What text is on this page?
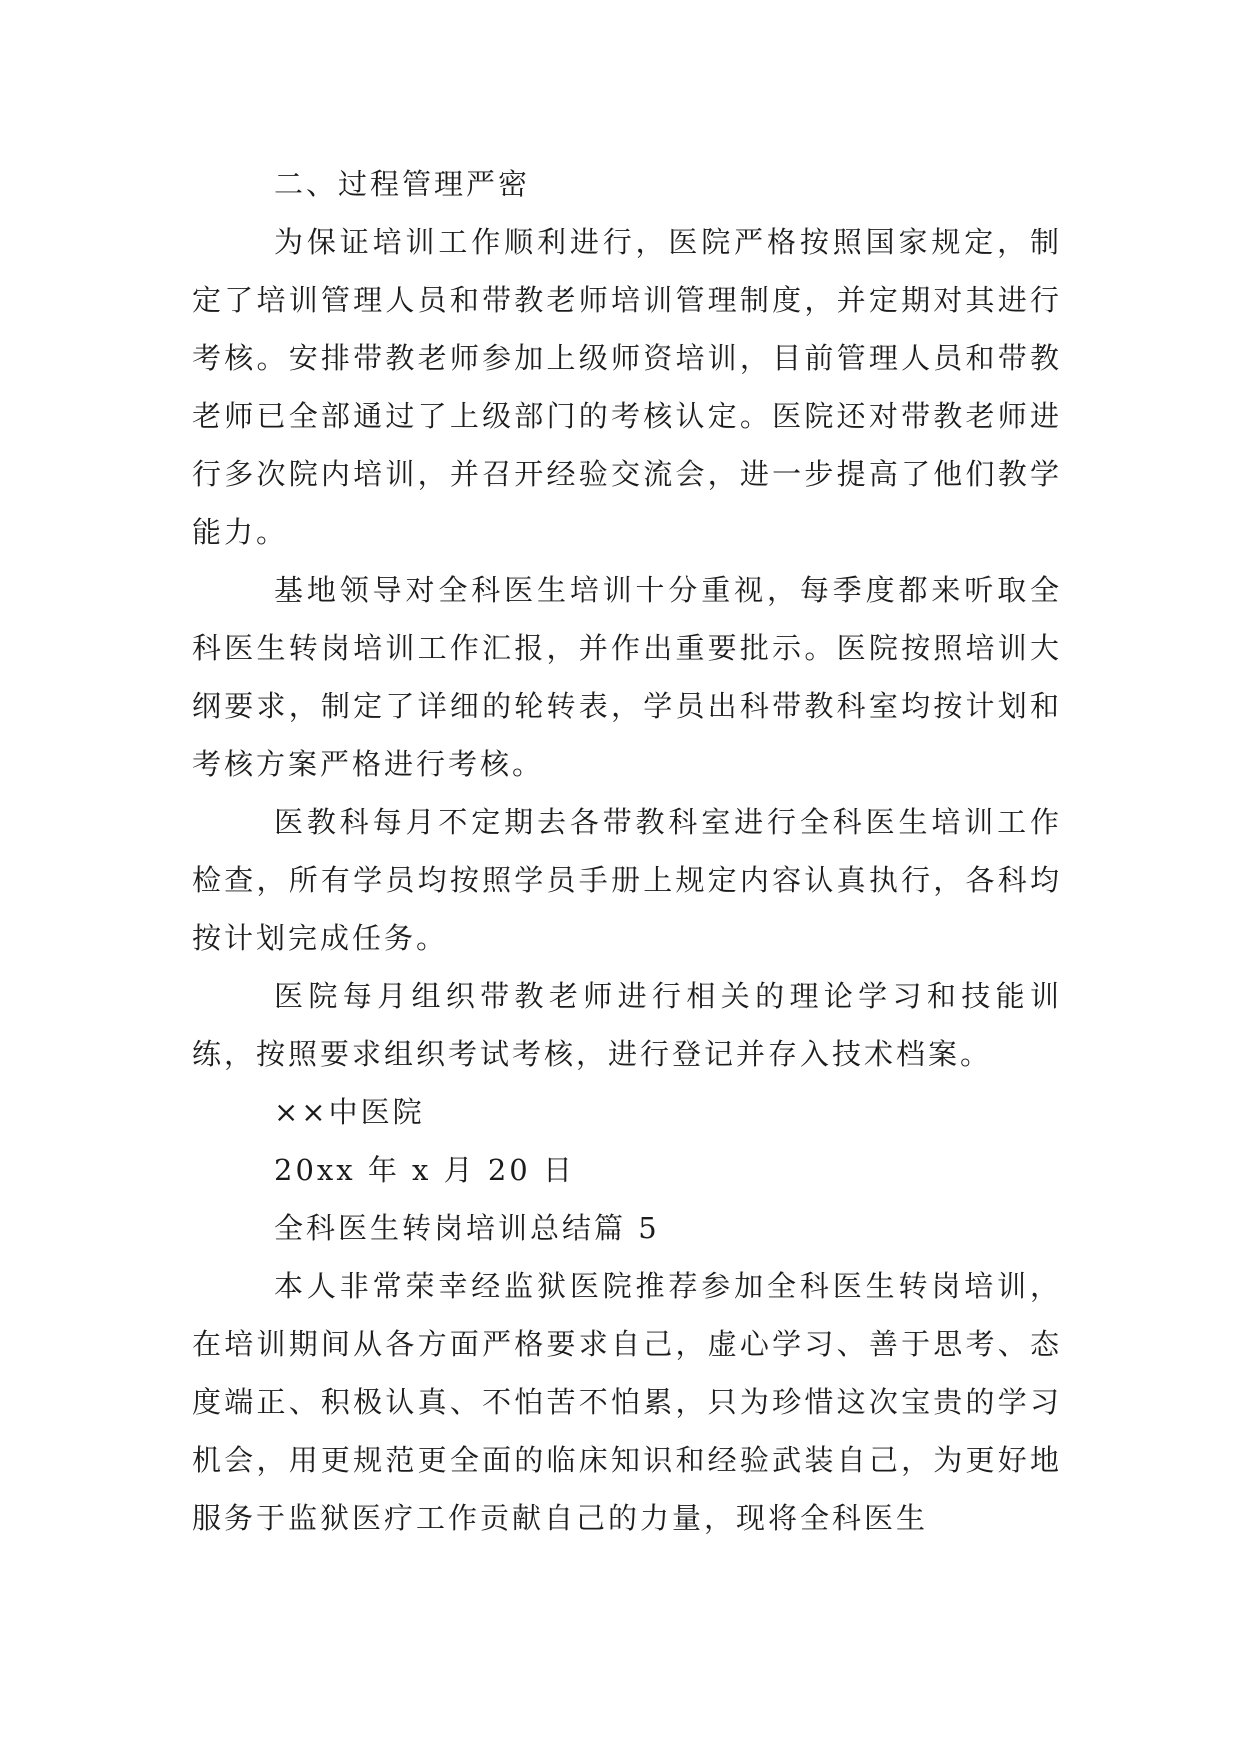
二、过程管理严密

为保证培训工作顺利进行，医院严格按照国家规定，制定了培训管理人员和带教老师培训管理制度，并定期对其进行考核。安排带教老师参加上级师资培训，目前管理人员和带教老师已全部通过了上级部门的考核认定。医院还对带教老师进行多次院内培训，并召开经验交流会，进一步提高了他们教学能力。

基地领导对全科医生培训十分重视，每季度都来听取全科医生转岗培训工作汇报，并作出重要批示。医院按照培训大纲要求，制定了详细的轮转表，学员出科带教科室均按计划和考核方案严格进行考核。

医教科每月不定期去各带教科室进行全科医生培训工作检查，所有学员均按照学员手册上规定内容认真执行，各科均按计划完成任务。

医院每月组织带教老师进行相关的理论学习和技能训练，按照要求组织考试考核，进行登记并存入技术档案。

××中医院

20xx 年 x 月 20 日

全科医生转岗培训总结篇 5

本人非常荣幸经监狱医院推荐参加全科医生转岗培训，在培训期间从各方面严格要求自己，虚心学习、善于思考、态度端正、积极认真、不怕苦不怕累，只为珍惜这次宝贵的学习机会，用更规范更全面的临床知识和经验武装自己，为更好地服务于监狱医疗工作贡献自己的力量，现将全科医生
